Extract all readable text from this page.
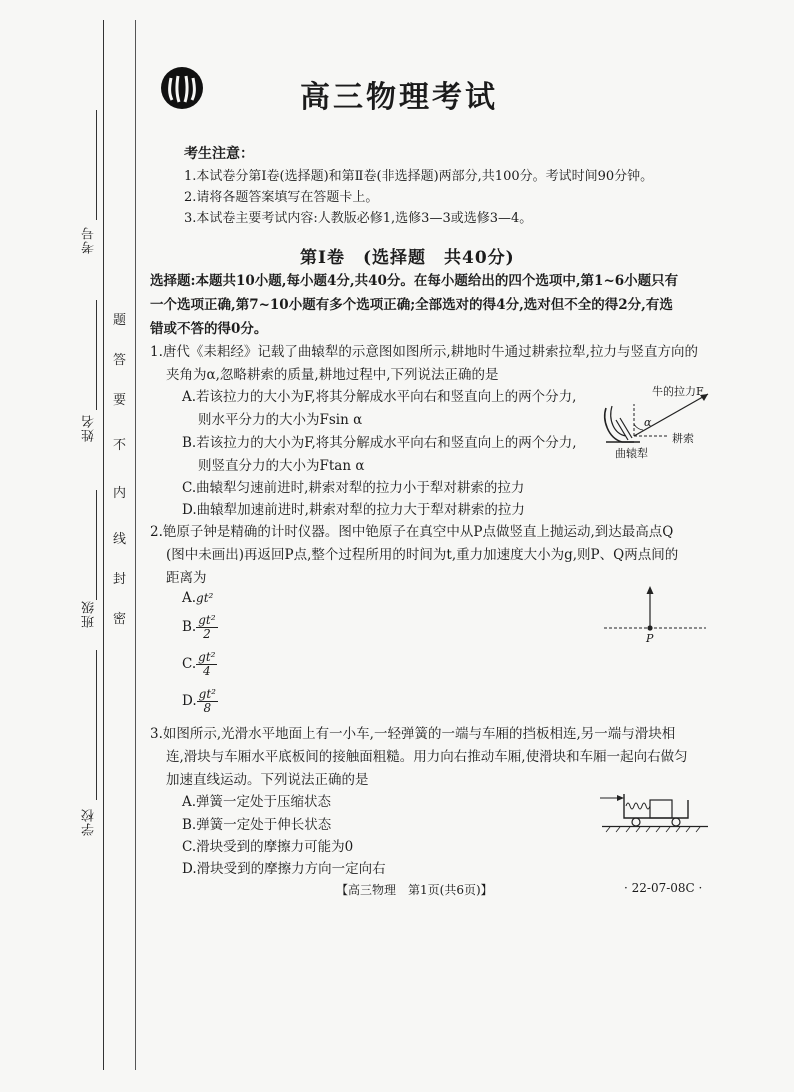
考号
姓名
班级
学校
题
答
要
不
内
线
封
密
高三物理考试
考生注意：
1.本试卷分第Ⅰ卷(选择题)和第Ⅱ卷(非选择题)两部分,共100分。考试时间90分钟。
2.请将各题答案填写在答题卡上。
3.本试卷主要考试内容:人教版必修1,选修3—3或选修3—4。
第Ⅰ卷　(选择题　共40分)
选择题:本题共10小题,每小题4分,共40分。在每小题给出的四个选项中,第1~6小题只有
一个选项正确,第7~10小题有多个选项正确;全部选对的得4分,选对但不全的得2分,有选
错或不答的得0分。
1.唐代《耒耜经》记载了曲辕犁的示意图如图所示,耕地时牛通过耕索拉犁,拉力与竖直方向的
夹角为α,忽略耕索的质量,耕地过程中,下列说法正确的是
A.若该拉力的大小为F,将其分解成水平向右和竖直向上的两个分力,
则水平分力的大小为Fsin α
B.若该拉力的大小为F,将其分解成水平向右和竖直向上的两个分力,
则竖直分力的大小为Ftan α
C.曲辕犁匀速前进时,耕索对犁的拉力小于犁对耕索的拉力
D.曲辕犁加速前进时,耕索对犁的拉力大于犁对耕索的拉力
牛的拉力F
α
耕索
曲辕犁
2.铯原子钟是精确的计时仪器。图中铯原子在真空中从P点做竖直上抛运动,到达最高点Q
(图中未画出)再返回P点,整个过程所用的时间为t,重力加速度大小为g,则P、Q两点间的
距离为
A.gt²
B. $\frac{\text{gt²}}{2}$
C. $\frac{\text{gt²}}{4}$
D. $\frac{\text{gt²}}{8}$
P
3.如图所示,光滑水平地面上有一小车,一轻弹簧的一端与车厢的挡板相连,另一端与滑块相
连,滑块与车厢水平底板间的接触面粗糙。用力向右推动车厢,使滑块和车厢一起向右做匀
加速直线运动。下列说法正确的是
A.弹簧一定处于压缩状态
B.弹簧一定处于伸长状态
C.滑块受到的摩擦力可能为0
D.滑块受到的摩擦力方向一定向右
【高三物理　第1页(共6页)】	· 22-07-08C ·
